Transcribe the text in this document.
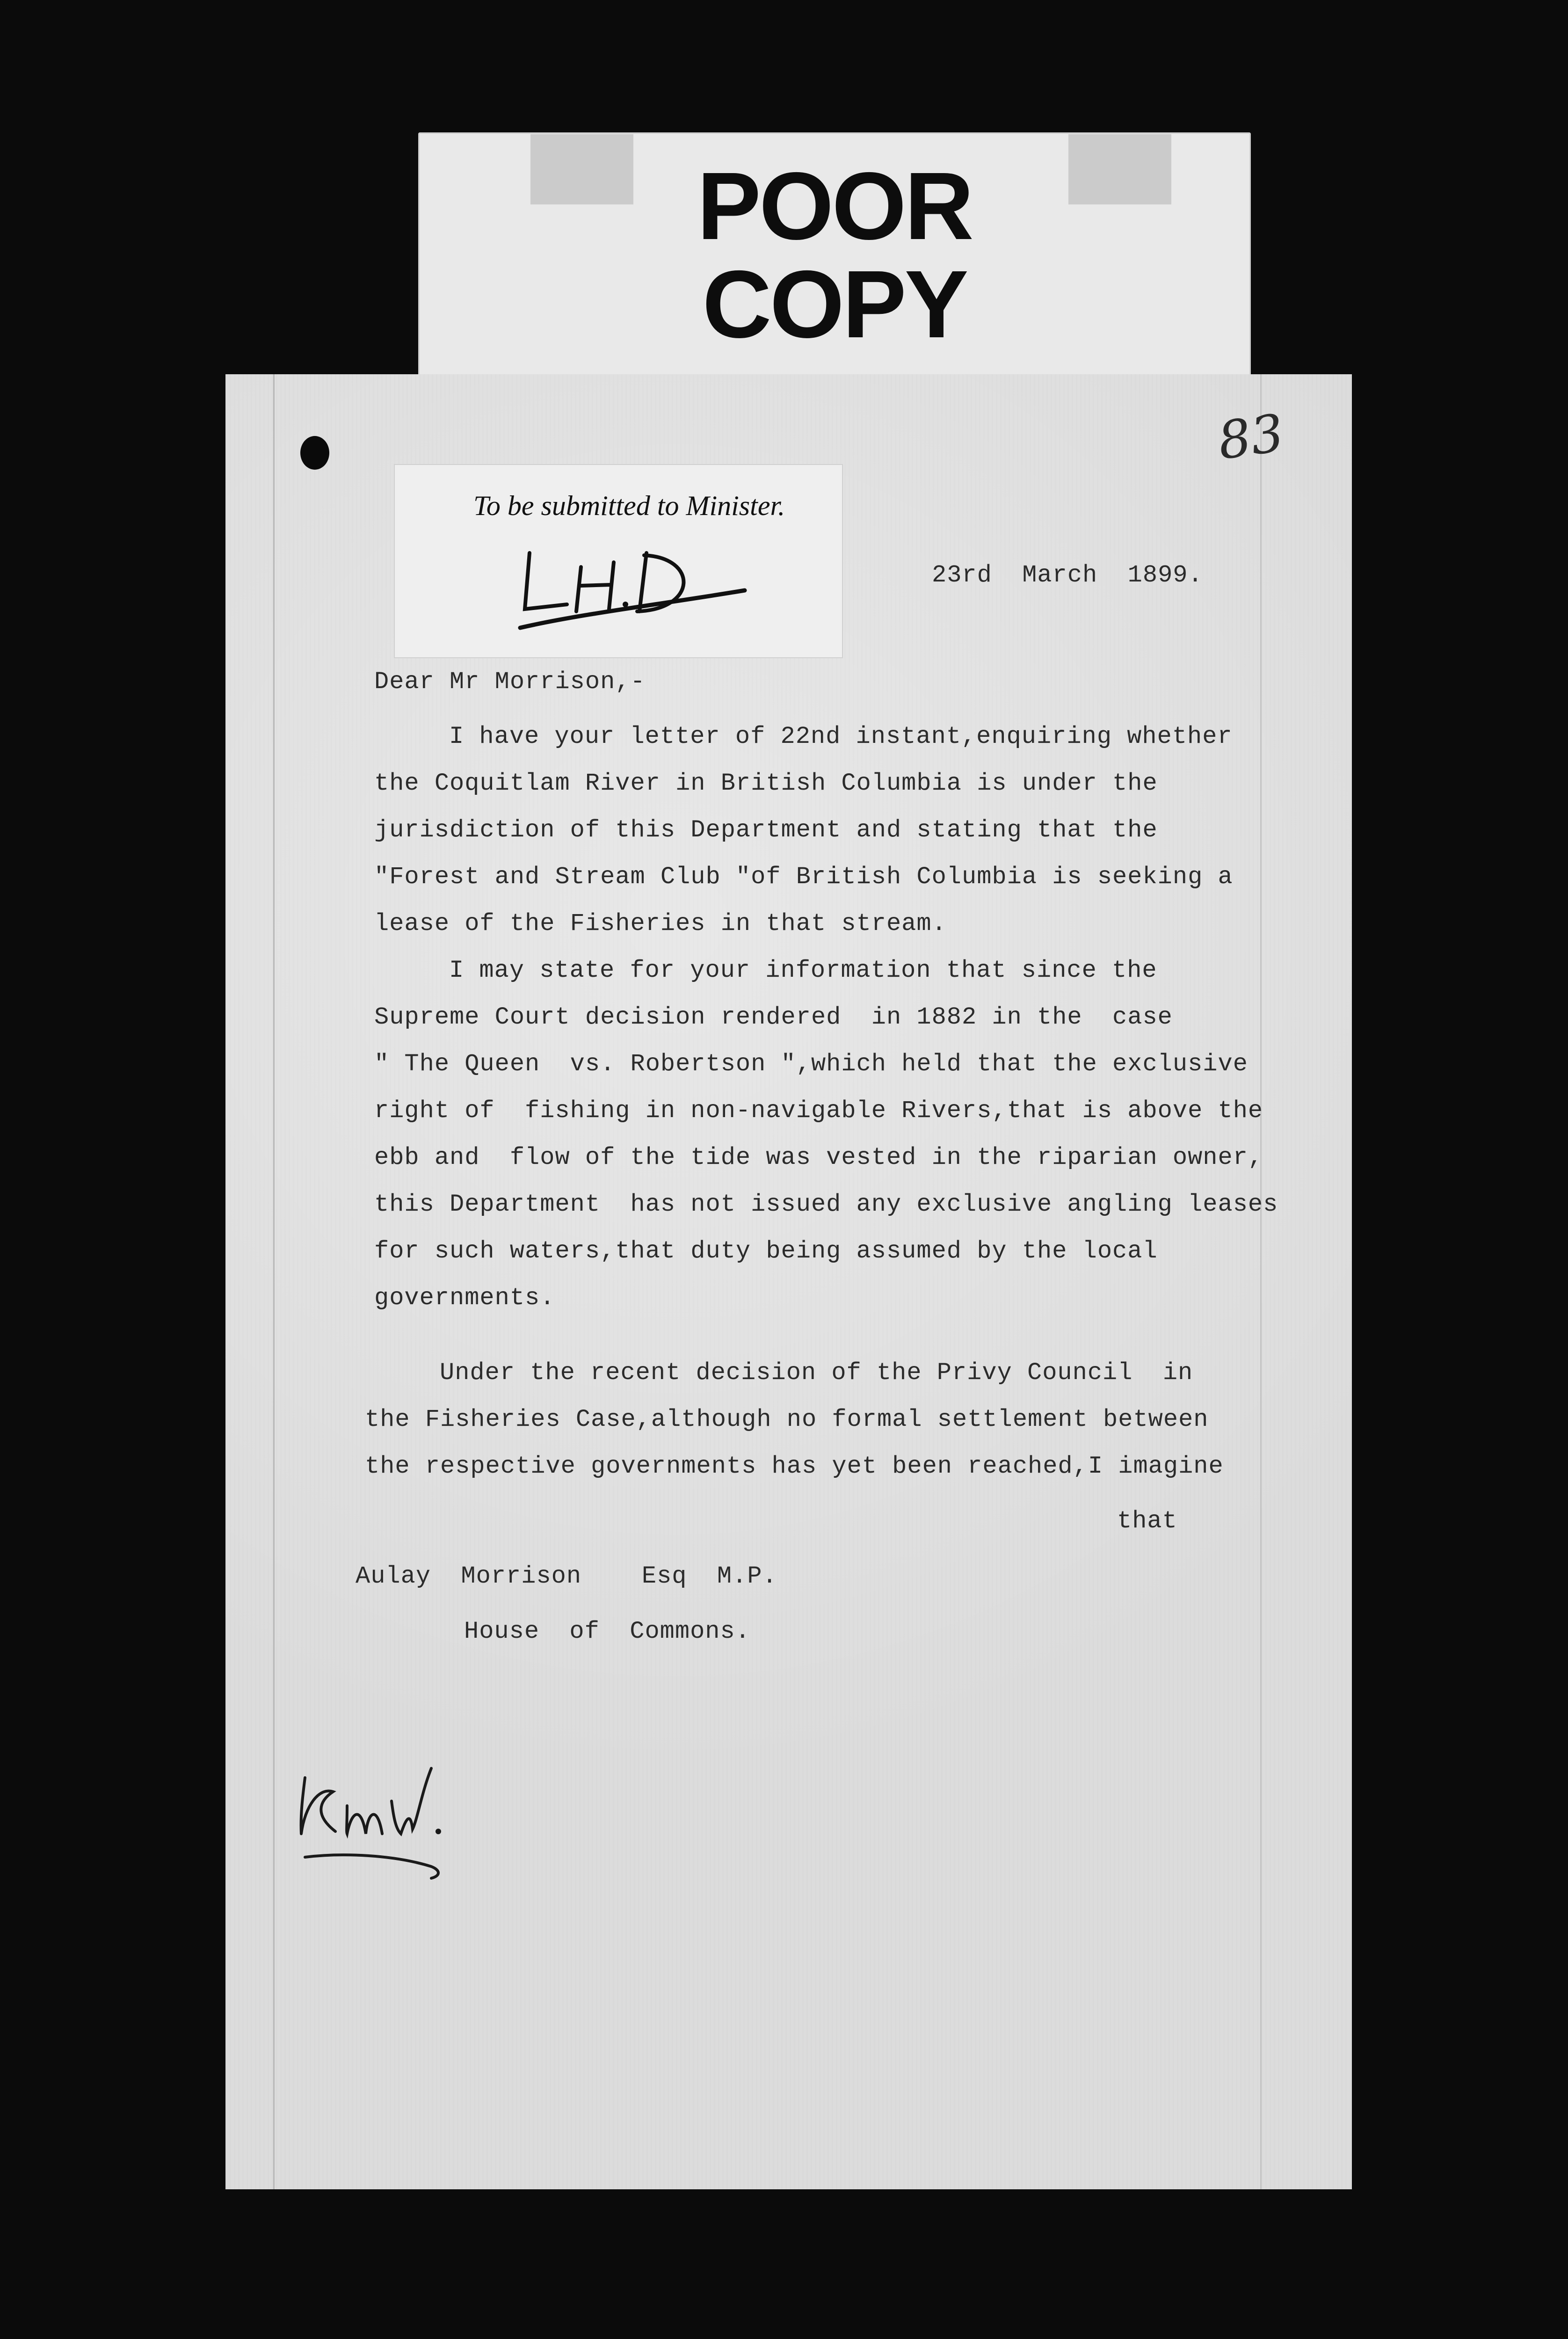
POOR
COPY
83
To be submitted to Minister.
23rd  March  1899.
Dear Mr Morrison,-
I have your letter of 22nd instant,enquiring whether
the Coquitlam River in British Columbia is under the
jurisdiction of this Department and stating that the
"Forest and Stream Club "of British Columbia is seeking a
lease of the Fisheries in that stream.
I may state for your information that since the
Supreme Court decision rendered  in 1882 in the  case
" The Queen  vs. Robertson ",which held that the exclusive
right of  fishing in non-navigable Rivers,that is above the
ebb and  flow of the tide was vested in the riparian owner,
this Department  has not issued any exclusive angling leases
for such waters,that duty being assumed by the local
governments.
Under the recent decision of the Privy Council  in
the Fisheries Case,although no formal settlement between
the respective governments has yet been reached,I imagine
that
Aulay  Morrison    Esq  M.P.
House  of  Commons.
